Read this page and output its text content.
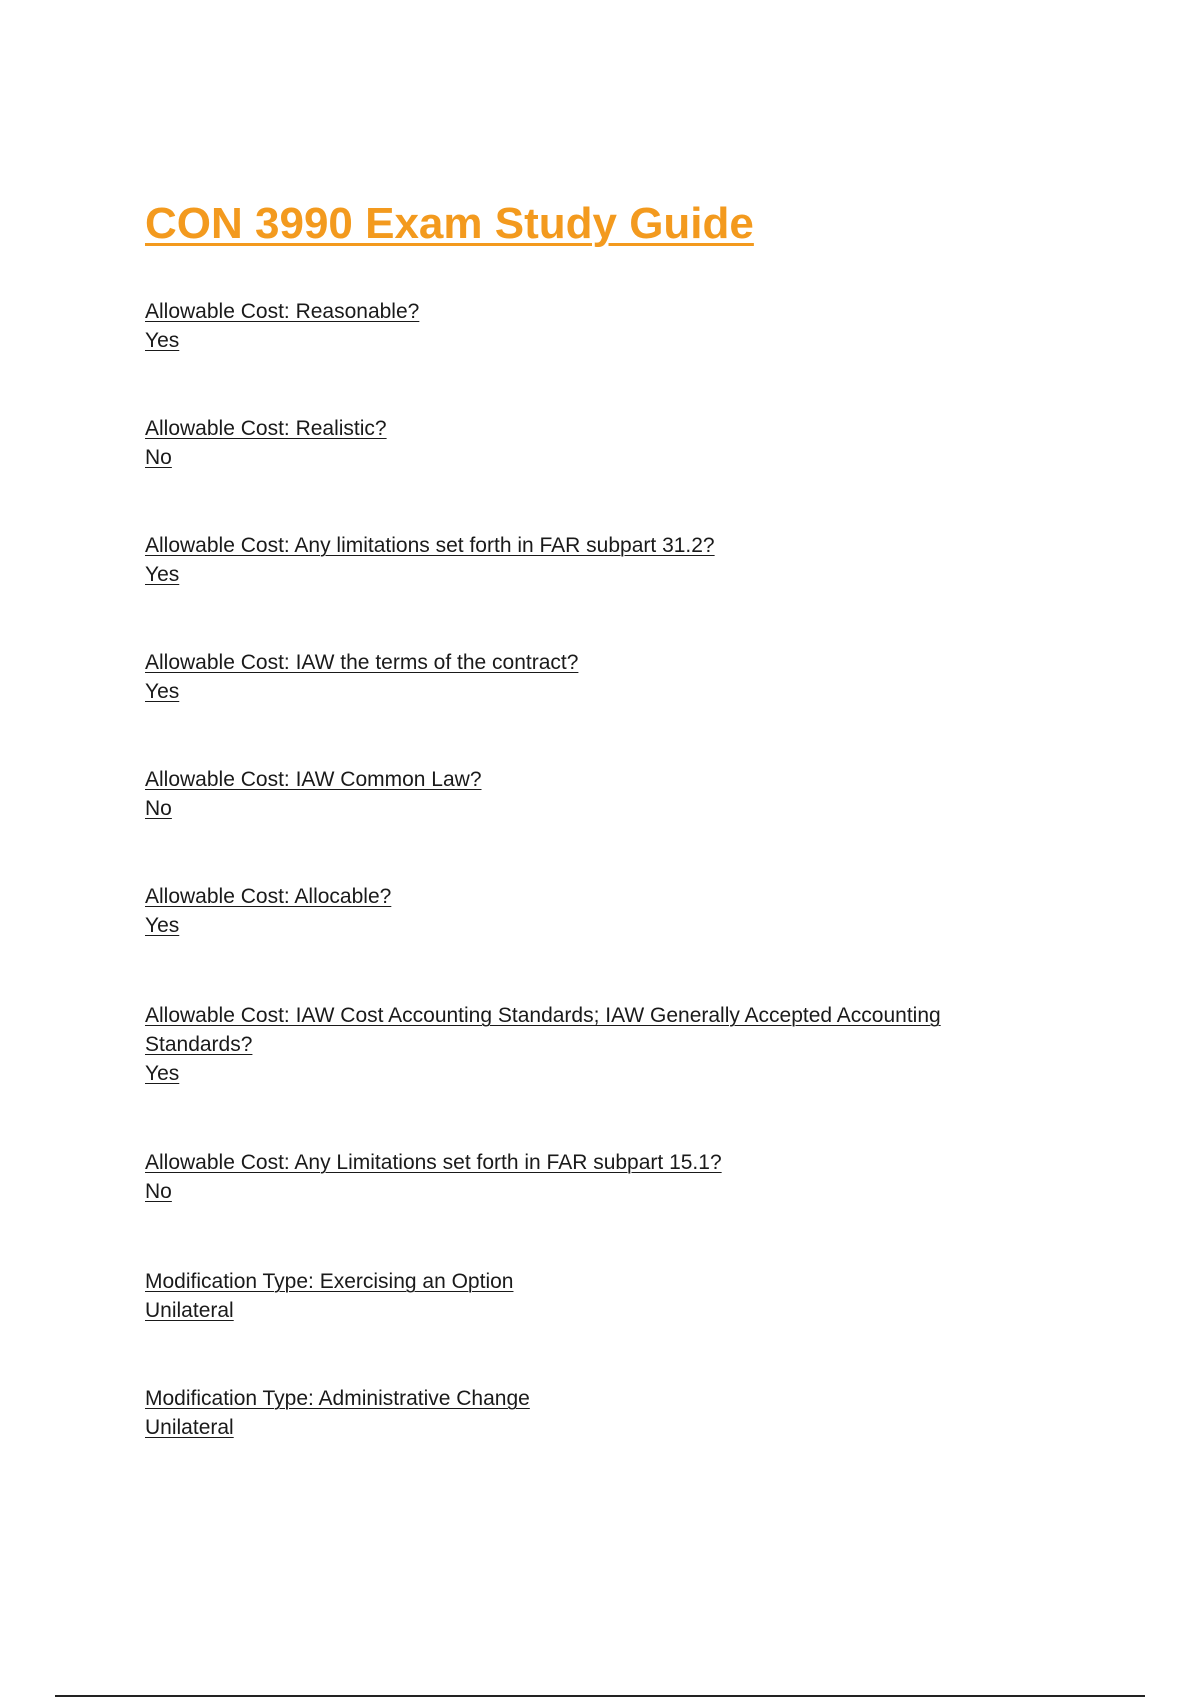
CON 3990 Exam Study Guide
Allowable Cost: Reasonable?
Yes
Allowable Cost: Realistic?
No
Allowable Cost: Any limitations set forth in FAR subpart 31.2?
Yes
Allowable Cost: IAW the terms of the contract?
Yes
Allowable Cost: IAW Common Law?
No
Allowable Cost: Allocable?
Yes
Allowable Cost: IAW Cost Accounting Standards; IAW Generally Accepted Accounting Standards?
Yes
Allowable Cost: Any Limitations set forth in FAR subpart 15.1?
No
Modification Type: Exercising an Option
Unilateral
Modification Type: Administrative Change
Unilateral
